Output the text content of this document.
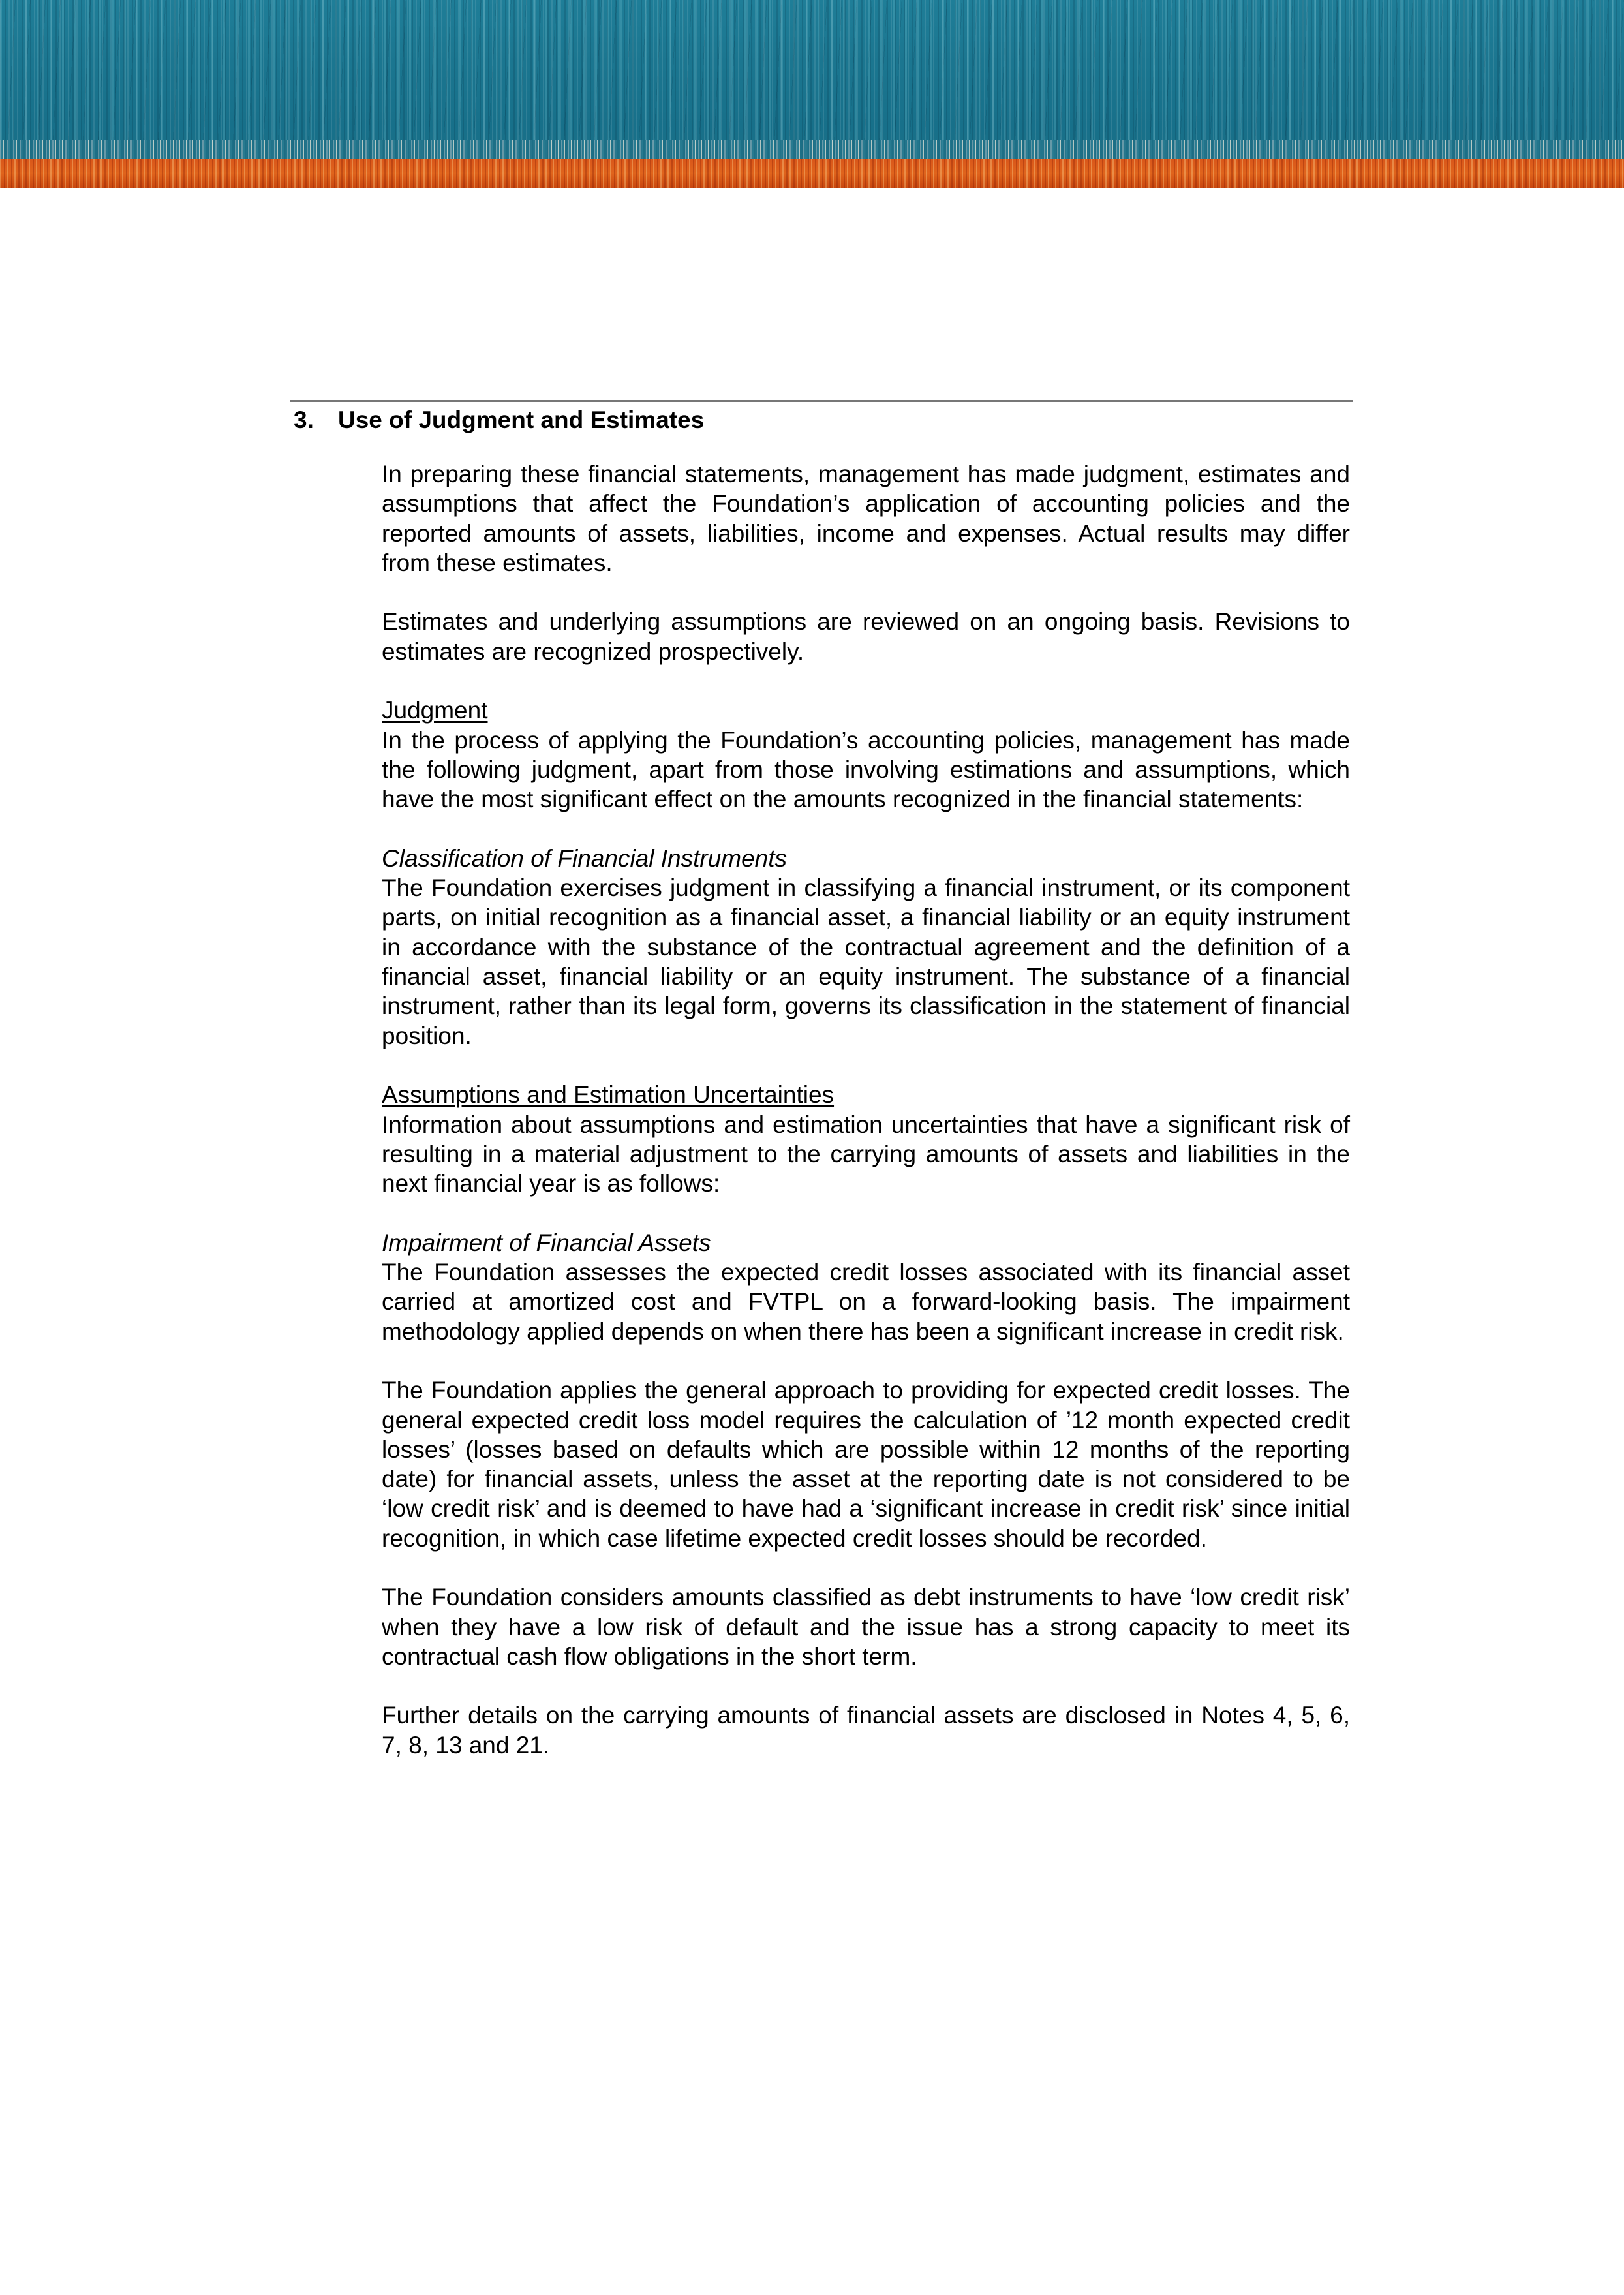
3. Use of Judgment and Estimates

In preparing these financial statements, management has made judgment, estimates and assumptions that affect the Foundation’s application of accounting policies and the reported amounts of assets, liabilities, income and expenses. Actual results may differ from these estimates.

Estimates and underlying assumptions are reviewed on an ongoing basis. Revisions to estimates are recognized prospectively.

Judgment
In the process of applying the Foundation’s accounting policies, management has made the following judgment, apart from those involving estimations and assumptions, which have the most significant effect on the amounts recognized in the financial statements:

Classification of Financial Instruments
The Foundation exercises judgment in classifying a financial instrument, or its component parts, on initial recognition as a financial asset, a financial liability or an equity instrument in accordance with the substance of the contractual agreement and the definition of a financial asset, financial liability or an equity instrument. The substance of a financial instrument, rather than its legal form, governs its classification in the statement of financial position.

Assumptions and Estimation Uncertainties
Information about assumptions and estimation uncertainties that have a significant risk of resulting in a material adjustment to the carrying amounts of assets and liabilities in the next financial year is as follows:

Impairment of Financial Assets
The Foundation assesses the expected credit losses associated with its financial asset carried at amortized cost and FVTPL on a forward-looking basis. The impairment methodology applied depends on when there has been a significant increase in credit risk.

The Foundation applies the general approach to providing for expected credit losses. The general expected credit loss model requires the calculation of ’12 month expected credit losses’ (losses based on defaults which are possible within 12 months of the reporting date) for financial assets, unless the asset at the reporting date is not considered to be ‘low credit risk’ and is deemed to have had a ‘significant increase in credit risk’ since initial recognition, in which case lifetime expected credit losses should be recorded.

The Foundation considers amounts classified as debt instruments to have ‘low credit risk’ when they have a low risk of default and the issue has a strong capacity to meet its contractual cash flow obligations in the short term.

Further details on the carrying amounts of financial assets are disclosed in Notes 4, 5, 6, 7, 8, 13 and 21.
